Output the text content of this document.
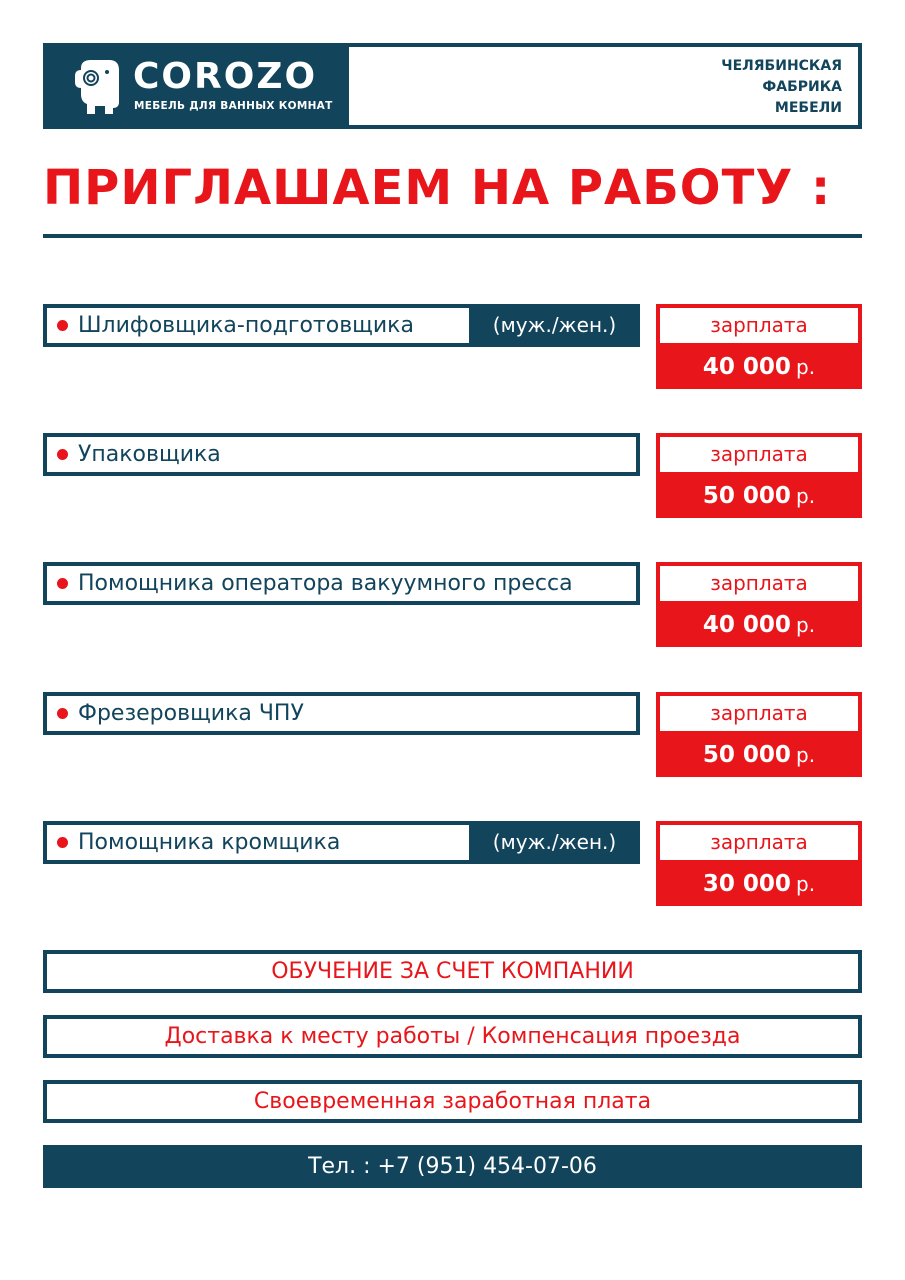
COROZO
МЕБЕЛЬ ДЛЯ ВАННЫХ КОМНАТ
ЧЕЛЯБИНСКАЯ
ФАБРИКА
МЕБЕЛИ
ПРИГЛАШАЕМ НА РАБОТУ :
Шлифовщика-подготовщика	(муж./жен.)	зарплата
40 000 р.
Упаковщика	зарплата
50 000 р.
Помощника оператора вакуумного пресса	зарплата
40 000 р.
Фрезеровщика ЧПУ	зарплата
50 000 р.
Помощника кромщика	(муж./жен.)	зарплата
30 000 р.
ОБУЧЕНИЕ ЗА СЧЕТ КОМПАНИИ
Доставка к месту работы / Компенсация проезда
Своевременная заработная плата
Тел. : +7 (951) 454-07-06
